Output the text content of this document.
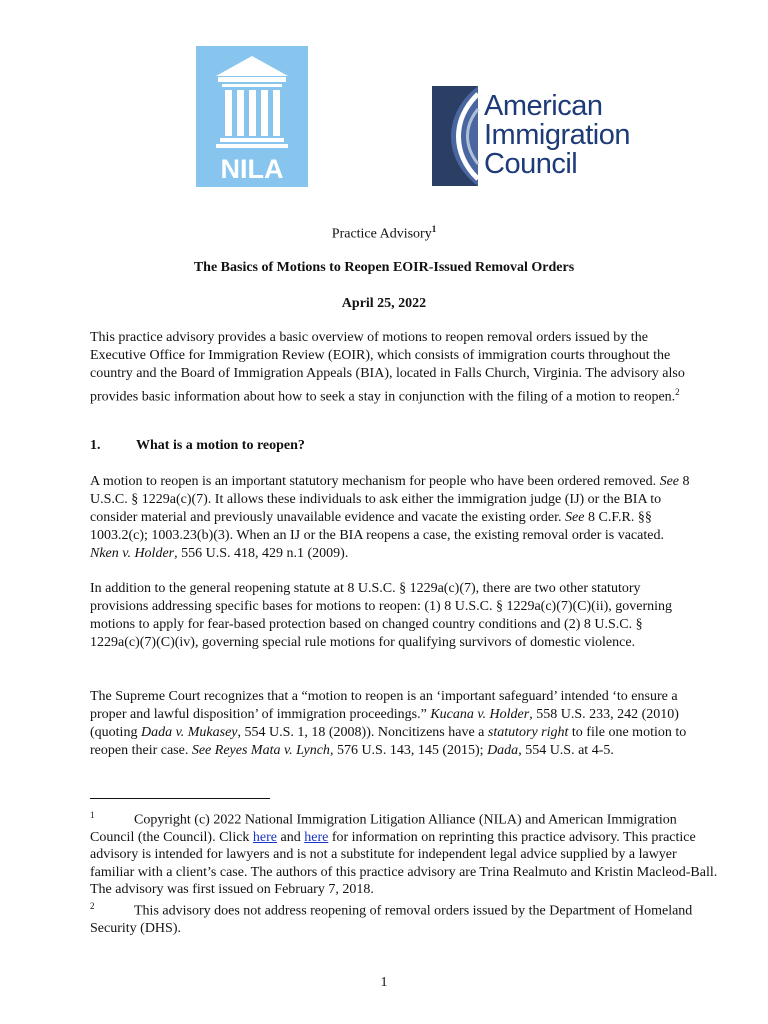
NILA
American
Immigration
Council
Practice Advisory$^1$
The Basics of Motions to Reopen EOIR-Issued Removal Orders
April 25, 2022

This practice advisory provides a basic overview of motions to reopen removal orders issued by the Executive Office for Immigration Review (EOIR), which consists of immigration courts throughout the country and the Board of Immigration Appeals (BIA), located in Falls Church, Virginia. The advisory also provides basic information about how to seek a stay in conjunction with the filing of a motion to reopen.$^2$

1.	What is a motion to reopen?

A motion to reopen is an important statutory mechanism for people who have been ordered removed. See 8 U.S.C. § 1229a(c)(7). It allows these individuals to ask either the immigration judge (IJ) or the BIA to consider material and previously unavailable evidence and vacate the existing order. See 8 C.F.R. §§ 1003.2(c); 1003.23(b)(3). When an IJ or the BIA reopens a case, the existing removal order is vacated. Nken v. Holder, 556 U.S. 418, 429 n.1 (2009).

In addition to the general reopening statute at 8 U.S.C. § 1229a(c)(7), there are two other statutory provisions addressing specific bases for motions to reopen: (1) 8 U.S.C. § 1229a(c)(7)(C)(ii), governing motions to apply for fear-based protection based on changed country conditions and (2) 8 U.S.C. § 1229a(c)(7)(C)(iv), governing special rule motions for qualifying survivors of domestic violence.

The Supreme Court recognizes that a “motion to reopen is an ‘important safeguard’ intended ‘to ensure a proper and lawful disposition’ of immigration proceedings.” Kucana v. Holder, 558 U.S. 233, 242 (2010) (quoting Dada v. Mukasey, 554 U.S. 1, 18 (2008)). Noncitizens have a statutory right to file one motion to reopen their case. See Reyes Mata v. Lynch, 576 U.S. 143, 145 (2015); Dada, 554 U.S. at 4-5.

1	Copyright (c) 2022 National Immigration Litigation Alliance (NILA) and American Immigration Council (the Council). Click here and here for information on reprinting this practice advisory. This practice advisory is intended for lawyers and is not a substitute for independent legal advice supplied by a lawyer familiar with a client’s case. The authors of this practice advisory are Trina Realmuto and Kristin Macleod-Ball. The advisory was first issued on February 7, 2018.

2	This advisory does not address reopening of removal orders issued by the Department of Homeland Security (DHS).

1
